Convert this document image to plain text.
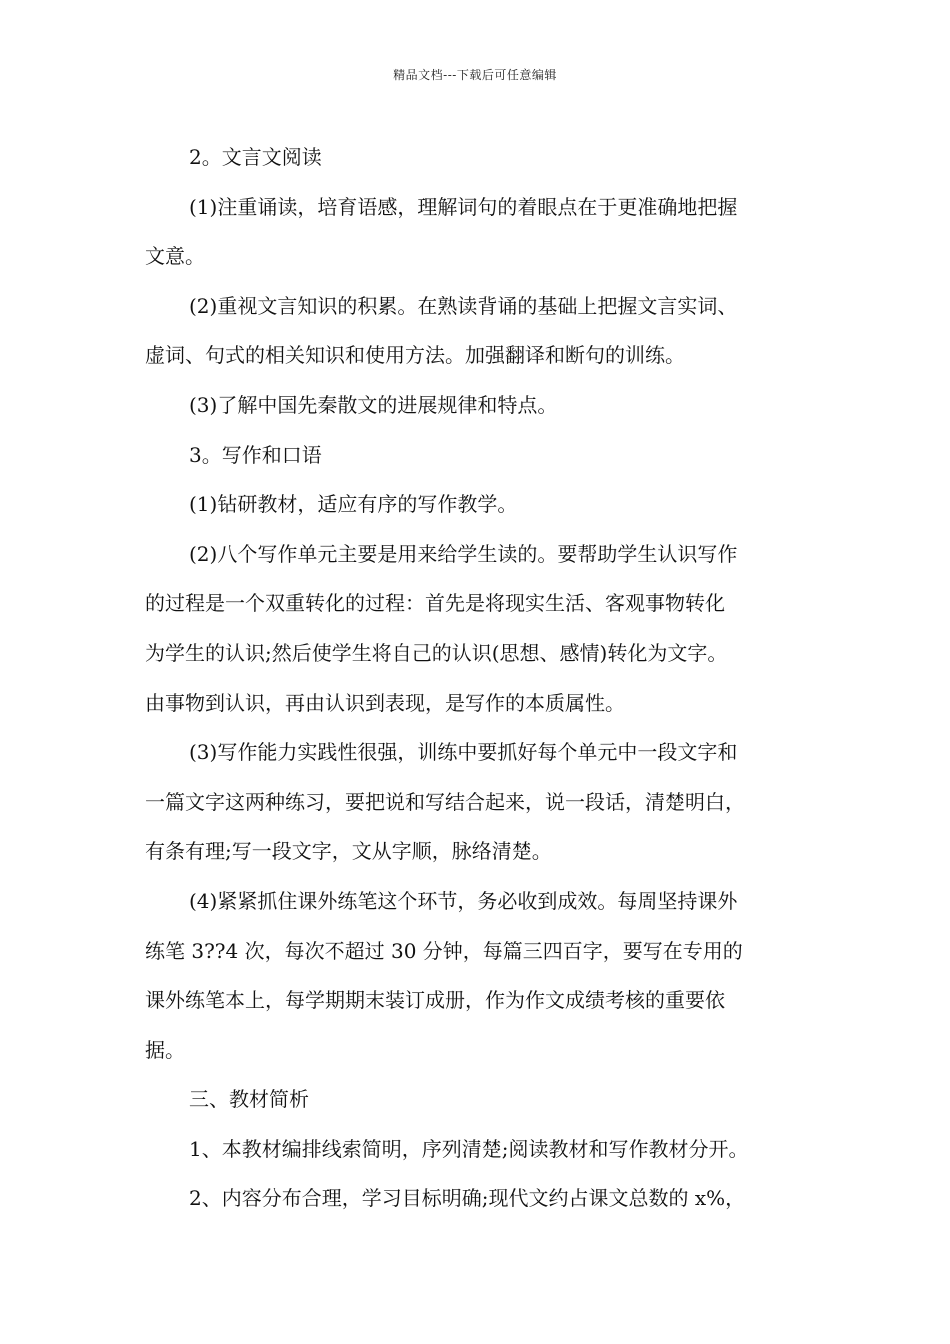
精品文档---下载后可任意编辑
2。文言文阅读
(1)注重诵读，培育语感，理解词句的着眼点在于更准确地把握
文意。
(2)重视文言知识的积累。在熟读背诵的基础上把握文言实词、
虚词、句式的相关知识和使用方法。加强翻译和断句的训练。
(3)了解中国先秦散文的进展规律和特点。
3。写作和口语
(1)钻研教材，适应有序的写作教学。
(2)八个写作单元主要是用来给学生读的。要帮助学生认识写作
的过程是一个双重转化的过程：首先是将现实生活、客观事物转化
为学生的认识;然后使学生将自己的认识(思想、感情)转化为文字。
由事物到认识，再由认识到表现，是写作的本质属性。
(3)写作能力实践性很强，训练中要抓好每个单元中一段文字和
一篇文字这两种练习，要把说和写结合起来，说一段话，清楚明白，
有条有理;写一段文字，文从字顺，脉络清楚。
(4)紧紧抓住课外练笔这个环节，务必收到成效。每周坚持课外
练笔 3??4 次，每次不超过 30 分钟，每篇三四百字，要写在专用的
课外练笔本上，每学期期末装订成册，作为作文成绩考核的重要依
据。
三、教材简析
1、本教材编排线索简明，序列清楚;阅读教材和写作教材分开。
2、内容分布合理，学习目标明确;现代文约占课文总数的 x%，
